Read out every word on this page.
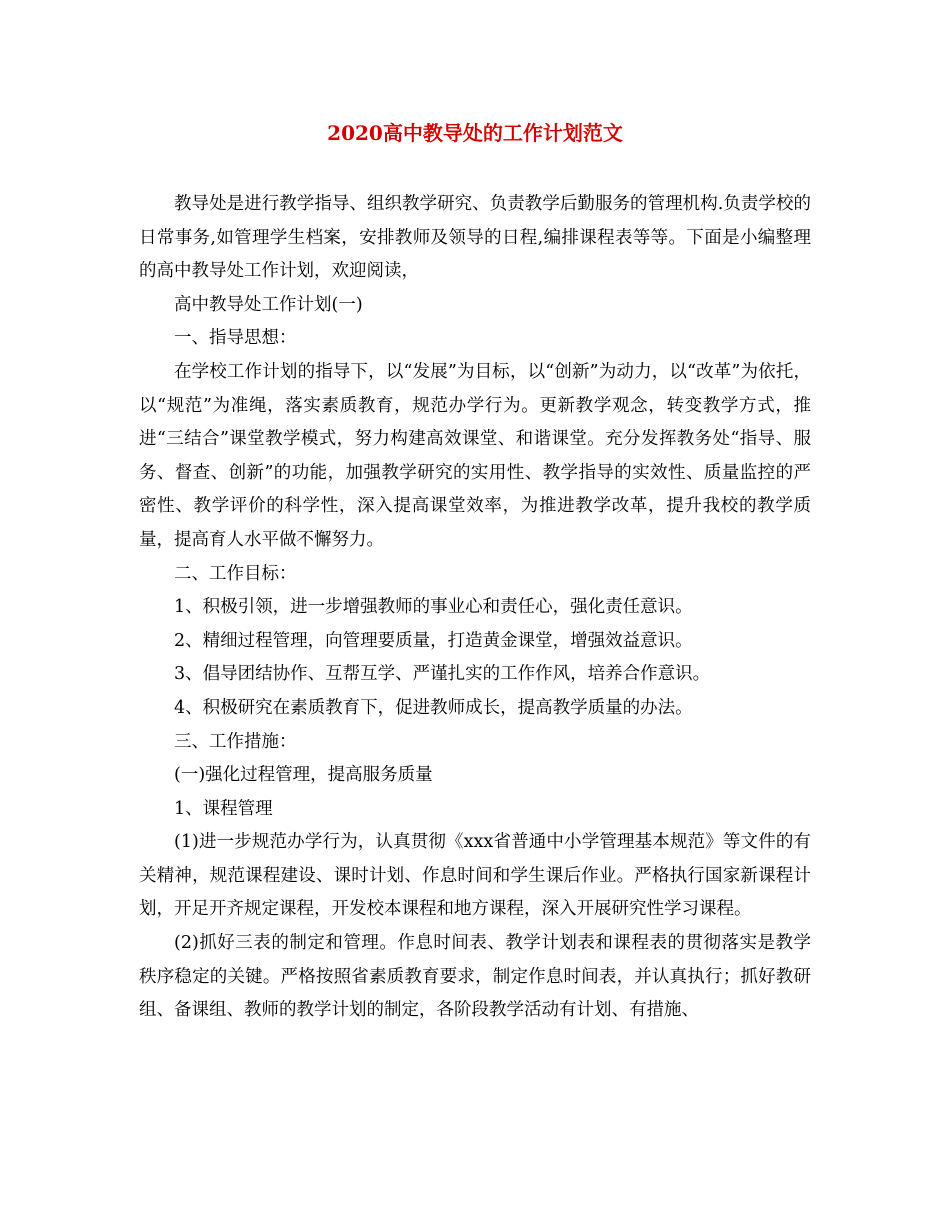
2020高中教导处的工作计划范文

教导处是进行教学指导、组织教学研究、负责教学后勤服务的管理机构.负责学校的日常事务,如管理学生档案，安排教师及领导的日程,编排课程表等等。下面是小编整理的高中教导处工作计划，欢迎阅读，

高中教导处工作计划(一)

一、指导思想：

在学校工作计划的指导下，以“发展”为目标，以“创新”为动力，以“改革”为依托，以“规范”为准绳，落实素质教育，规范办学行为。更新教学观念，转变教学方式，推进“三结合”课堂教学模式，努力构建高效课堂、和谐课堂。充分发挥教务处“指导、服务、督查、创新”的功能，加强教学研究的实用性、教学指导的实效性、质量监控的严密性、教学评价的科学性，深入提高课堂效率，为推进教学改革，提升我校的教学质量，提高育人水平做不懈努力。

二、工作目标：

1、积极引领，进一步增强教师的事业心和责任心，强化责任意识。

2、精细过程管理，向管理要质量，打造黄金课堂，增强效益意识。

3、倡导团结协作、互帮互学、严谨扎实的工作作风，培养合作意识。

4、积极研究在素质教育下，促进教师成长，提高教学质量的办法。

三、工作措施：

(一)强化过程管理，提高服务质量

1、课程管理

(1)进一步规范办学行为，认真贯彻《xxx省普通中小学管理基本规范》等文件的有关精神，规范课程建设、课时计划、作息时间和学生课后作业。严格执行国家新课程计划，开足开齐规定课程，开发校本课程和地方课程，深入开展研究性学习课程。

(2)抓好三表的制定和管理。作息时间表、教学计划表和课程表的贯彻落实是教学秩序稳定的关键。严格按照省素质教育要求，制定作息时间表，并认真执行；抓好教研组、备课组、教师的教学计划的制定，各阶段教学活动有计划、有措施、
